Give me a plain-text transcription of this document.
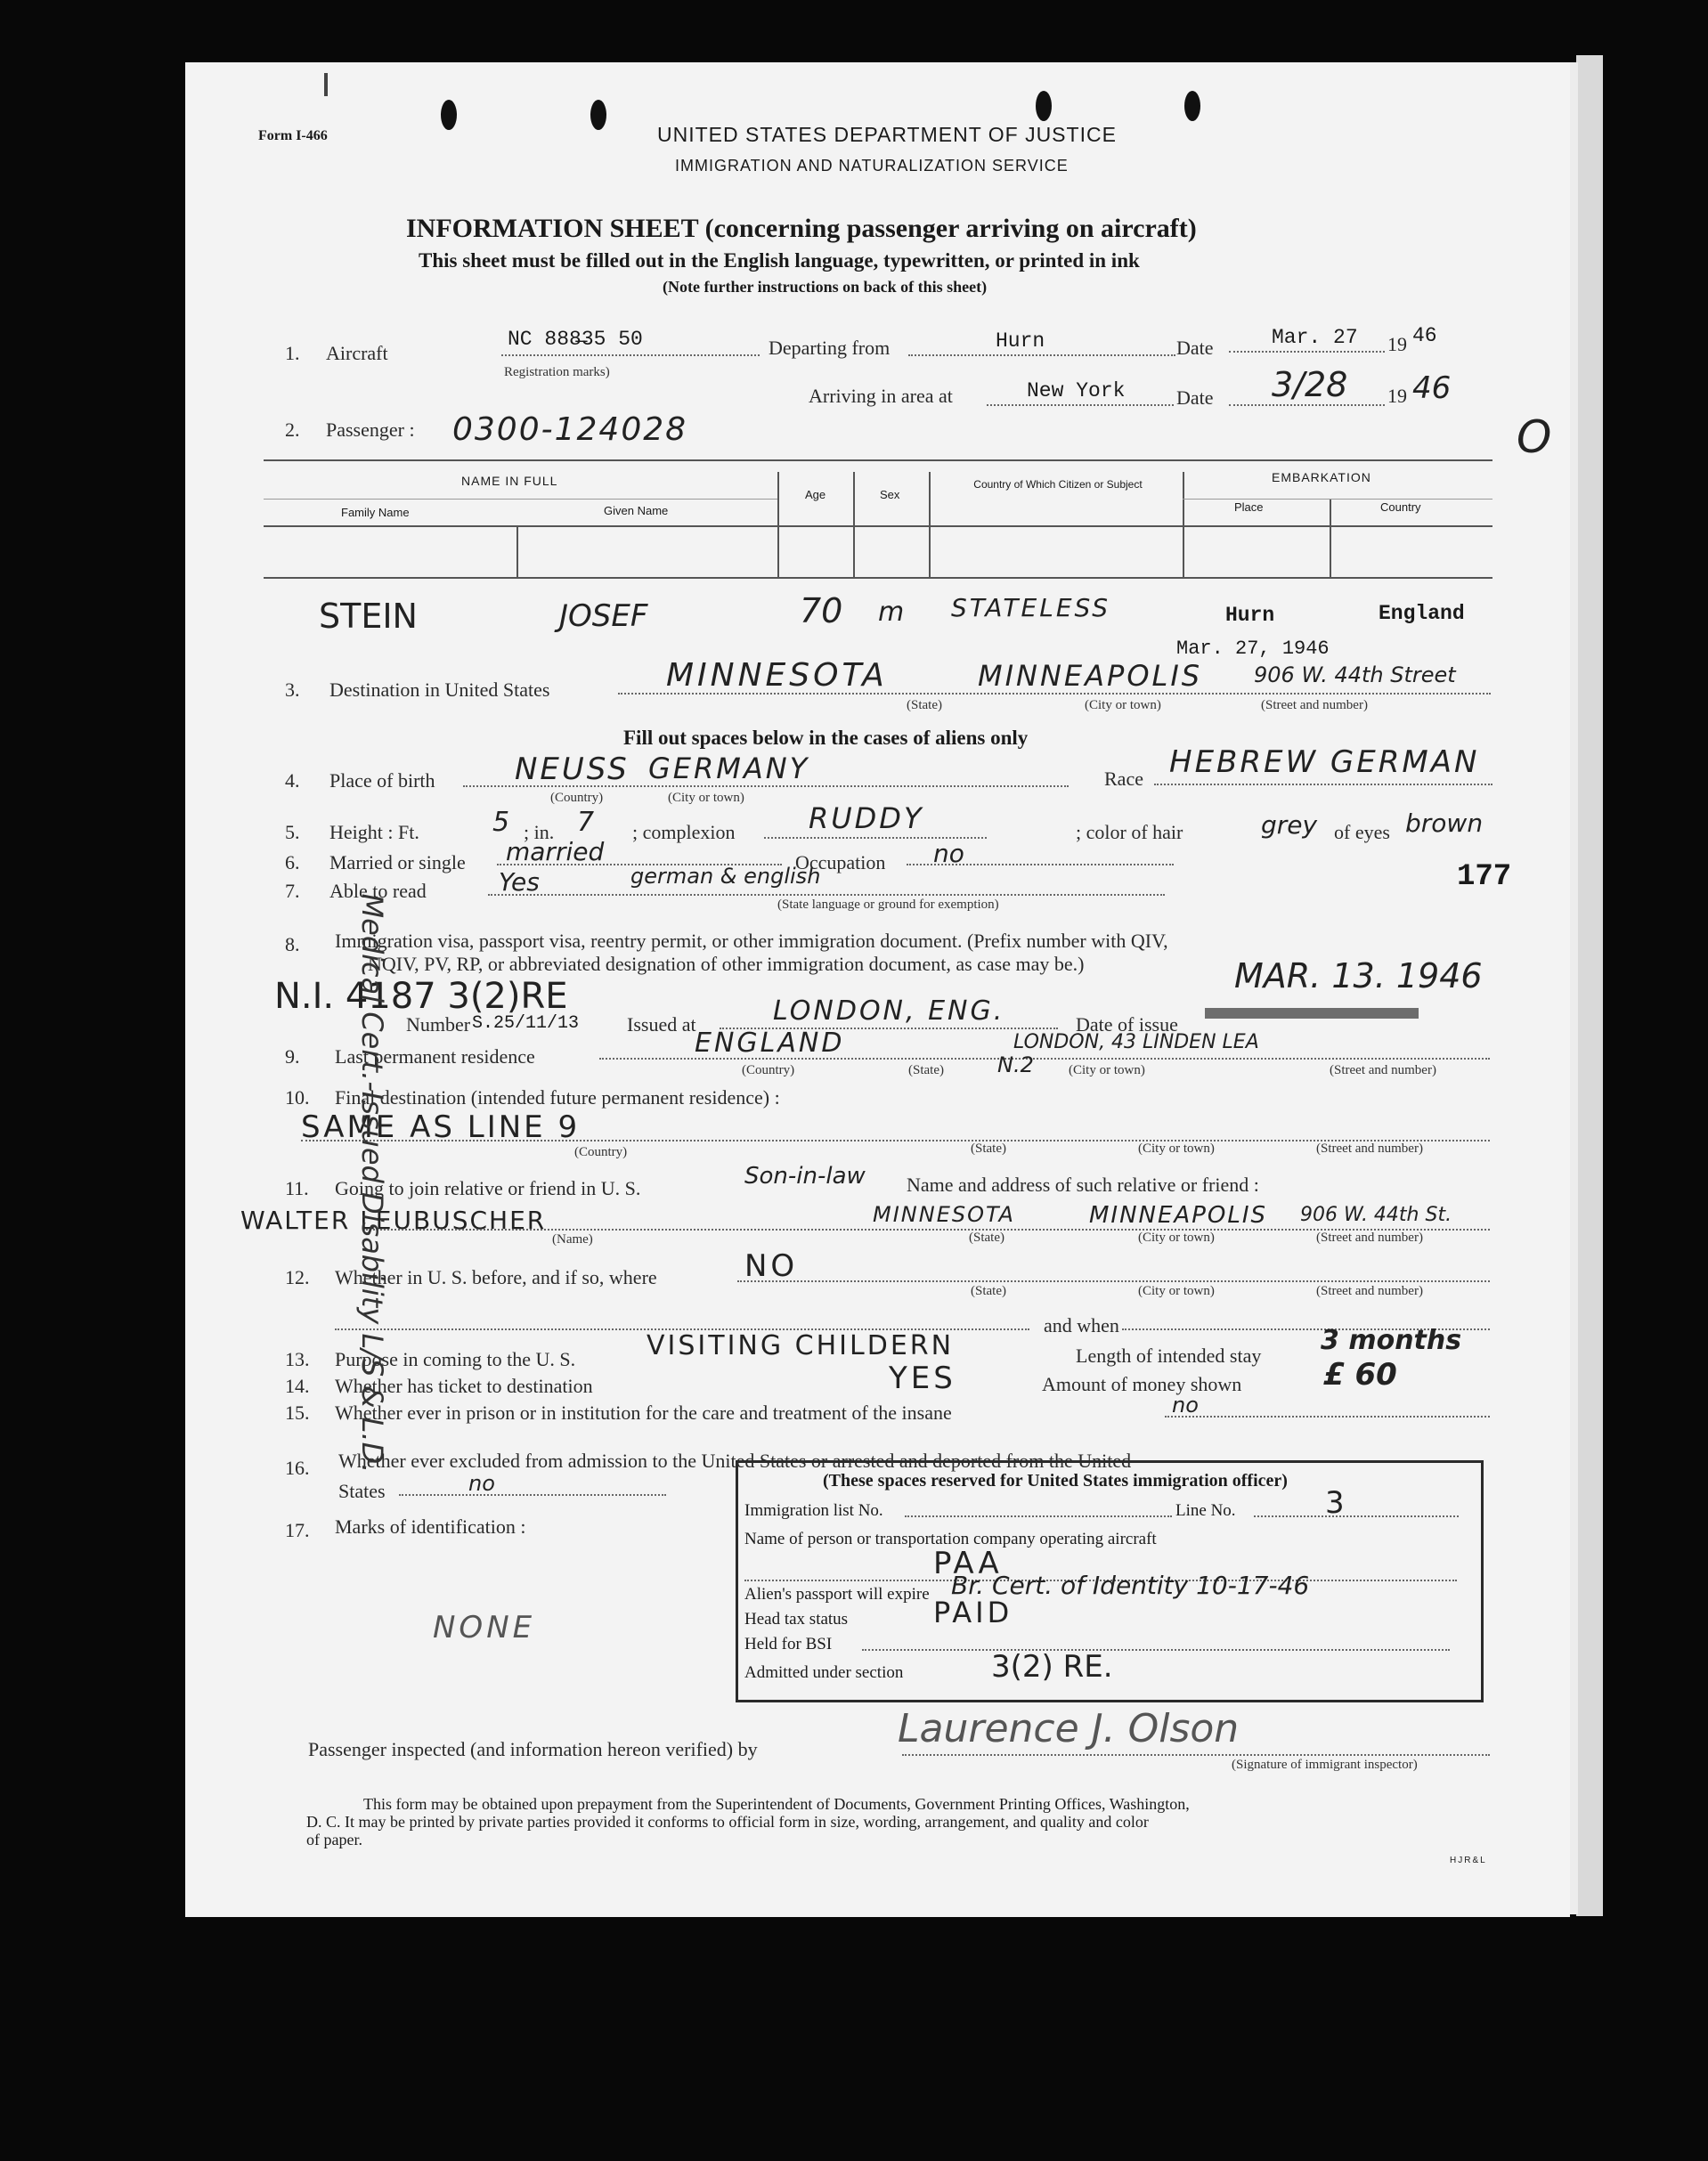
Form I-466	UNITED STATES DEPARTMENT OF JUSTICE
IMMIGRATION AND NATURALIZATION SERVICE
INFORMATION SHEET (concerning passenger arriving on aircraft)
This sheet must be filled out in the English language, typewritten, or printed in ink
(Note further instructions on back of this sheet)
1. Aircraft
NC 888̶35 50
Registration marks)
Departing from	Hurn	Date	Mar. 27 19 46
Arriving in area at	New York	Date 3/28 19 46
2. Passenger : 0300-124028	O
NAME IN FULL
Family Name	Given Name
Age	Sex
Country of Which Citizen or Subject	EMBARKATION
Place	Country
STEIN	JOSEF	70 m STATELESS	Hurn	England
Mar. 27, 1946
3. Destination in United States	MINNESOTA	MINNEAPOLIS 906 W. 44th Street
(State)	(City or town)	(Street and number)
Fill out spaces below in the cases of aliens only
4. Place of birth	NEUSS GERMANY
(Country)	(City or town)
Race HEBREW GERMAN
5. Height : Ft.	5 ; in. 7 ; complexion	RUDDY	; color of hair	grey of eyes brown
6. Married or single married	Occupation no
7. Able to read	Yes	german & english
(State language or ground for exemption)
177
8. Immigration visa, passport visa, reentry permit, or other immigration document. (Prefix number with QIV,
NQIV, PV, RP, or abbreviated designation of other immigration document, as case may be.)
N.I. 4187 3(2)RE
Number S.25/11/13 Issued at	LONDON, ENG.	Date of issue
MAR. 13. 1946
9. Last permanent residence	ENGLAND	LONDON, 43 LINDEN LEA
N.2
(Country)	(State)	(City or town)	(Street and number)
10. Final destination (intended future permanent residence) :
SAME AS LINE 9
(Country)	(State)	(City or town)	(Street and number)
11. Going to join relative or friend in U. S.	Son-in-law Name and address of such relative or friend :
WALTER LEUBUSCHER	MINNESOTA	MINNEAPOLIS 906 W. 44th St.
(Name)	(State)	(City or town)	(Street and number)
12. Whether in U. S. before, and if so, where	NO
(State)	(City or town)	(Street and number)
and when
13. Purpose in coming to the U. S.	VISITING CHILDERN	Length of intended stay 3 months
14. Whether has ticket to destination	YES	Amount of money shown	£ 60
15. Whether ever in prison or in institution for the care and treatment of the insane	no
16. Whether ever excluded from admission to the United States or arrested and deported from the United
States	no
17. Marks of identification :
NONE
(These spaces reserved for United States immigration officer)
Immigration list No.	Line No.	3
Name of person or transportation company operating aircraft
PAA
Alien's passport will expire Br. Cert. of Identity 10-17-46
Head tax status	PAID
Held for BSI
Admitted under section	3(2) RE.
Passenger inspected (and information hereon verified) by	Laurence J. Olson
(Signature of immigrant inspector)
Medical Cert.-Issued Disability L/S & L.D.
This form may be obtained upon prepayment from the Superintendent of Documents, Government Printing Offices, Washington,
D. C. It may be printed by private parties provided it conforms to official form in size, wording, arrangement, and quality and color
of paper.
HJR&L
